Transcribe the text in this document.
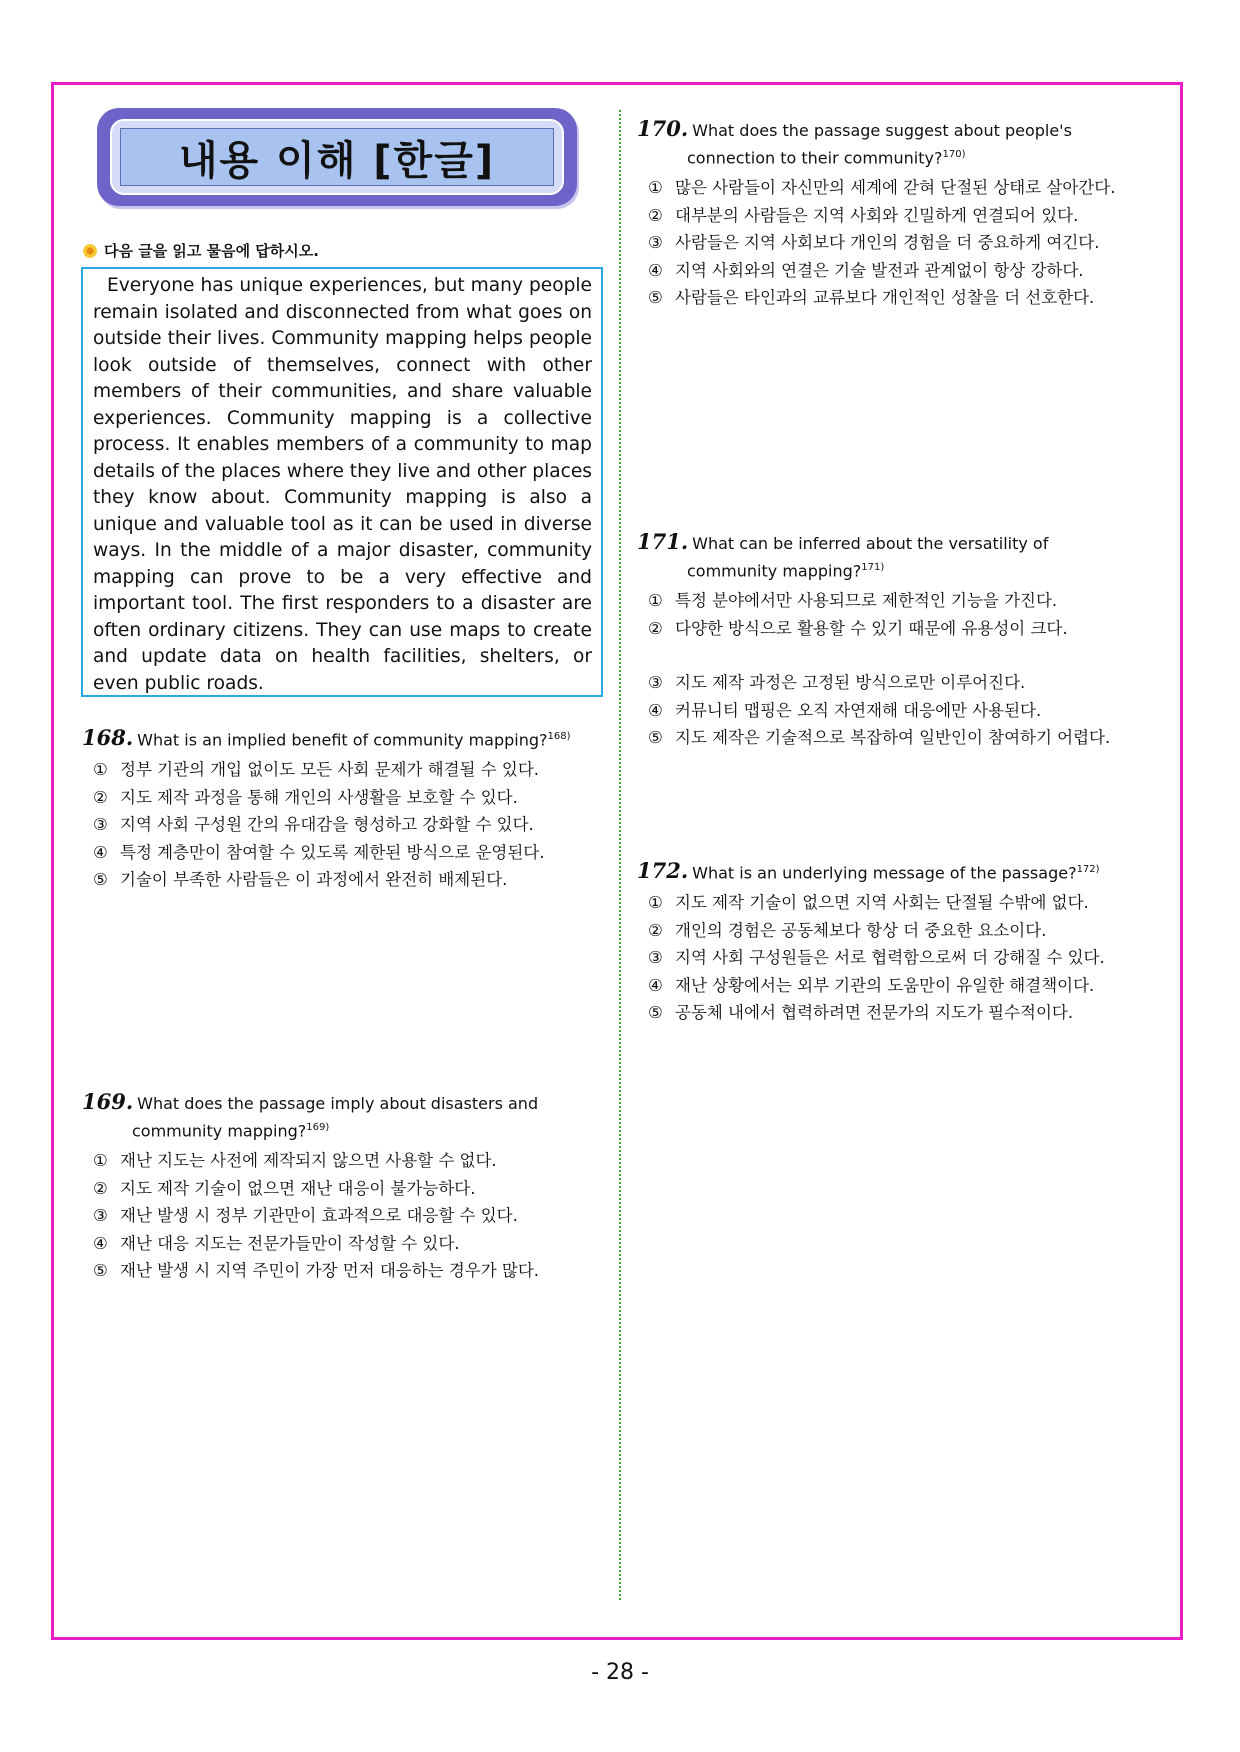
내용 이해 [한글]
다음 글을 읽고 물음에 답하시오.

Everyone has unique experiences, but many people remain isolated and disconnected from what goes on outside their lives. Community mapping helps people look outside of themselves, connect with other members of their communities, and share valuable experiences. Community mapping is a collective process. It enables members of a community to map details of the places where they live and other places they know about. Community mapping is also a unique and valuable tool as it can be used in diverse ways. In the middle of a major disaster, community mapping can prove to be a very effective and important tool. The first responders to a disaster are often ordinary citizens. They can use maps to create and update data on health facilities, shelters, or even public roads.

168. What is an implied benefit of community mapping?$^{168)}$
① 정부 기관의 개입 없이도 모든 사회 문제가 해결될 수 있다.
② 지도 제작 과정을 통해 개인의 사생활을 보호할 수 있다.
③ 지역 사회 구성원 간의 유대감을 형성하고 강화할 수 있다.
④ 특정 계층만이 참여할 수 있도록 제한된 방식으로 운영된다.
⑤ 기술이 부족한 사람들은 이 과정에서 완전히 배제된다.
169. What does the passage imply about disasters and
community mapping?$^{169)}$
① 재난 지도는 사전에 제작되지 않으면 사용할 수 없다.
② 지도 제작 기술이 없으면 재난 대응이 불가능하다.
③ 재난 발생 시 정부 기관만이 효과적으로 대응할 수 있다.
④ 재난 대응 지도는 전문가들만이 작성할 수 있다.
⑤ 재난 발생 시 지역 주민이 가장 먼저 대응하는 경우가 많다.
170. What does the passage suggest about people's
connection to their community?$^{170)}$
① 많은 사람들이 자신만의 세계에 갇혀 단절된 상태로 살아간다.
② 대부분의 사람들은 지역 사회와 긴밀하게 연결되어 있다.
③ 사람들은 지역 사회보다 개인의 경험을 더 중요하게 여긴다.
④ 지역 사회와의 연결은 기술 발전과 관계없이 항상 강하다.
⑤ 사람들은 타인과의 교류보다 개인적인 성찰을 더 선호한다.
171. What can be inferred about the versatility of
community mapping?$^{171)}$
① 특정 분야에서만 사용되므로 제한적인 기능을 가진다.
② 다양한 방식으로 활용할 수 있기 때문에 유용성이 크다.
③ 지도 제작 과정은 고정된 방식으로만 이루어진다.
④ 커뮤니티 맵핑은 오직 자연재해 대응에만 사용된다.
⑤ 지도 제작은 기술적으로 복잡하여 일반인이 참여하기 어렵다.
172. What is an underlying message of the passage?$^{172)}$
① 지도 제작 기술이 없으면 지역 사회는 단절될 수밖에 없다.
② 개인의 경험은 공동체보다 항상 더 중요한 요소이다.
③ 지역 사회 구성원들은 서로 협력함으로써 더 강해질 수 있다.
④ 재난 상황에서는 외부 기관의 도움만이 유일한 해결책이다.
⑤ 공동체 내에서 협력하려면 전문가의 지도가 필수적이다.
- 28 -
